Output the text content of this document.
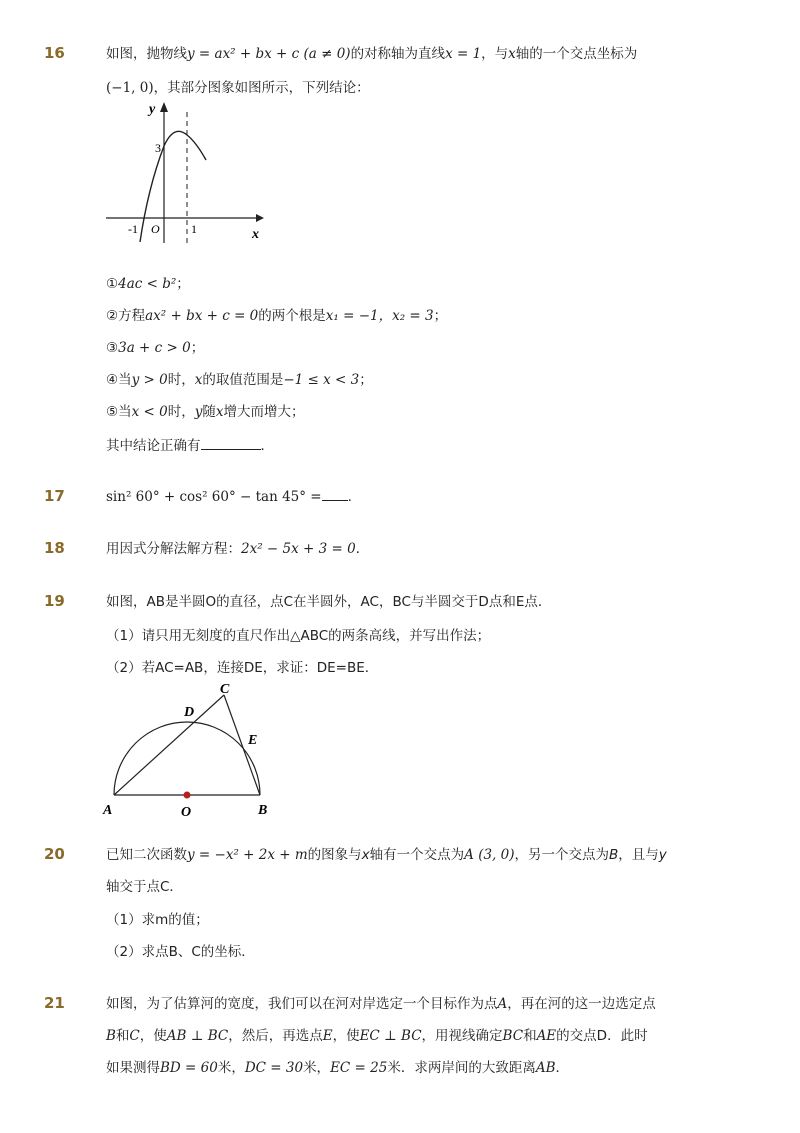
16	如图，抛物线y = ax² + bx + c (a ≠ 0)的对称轴为直线x = 1，与x轴的一个交点坐标为
(−1, 0)，其部分图象如图所示，下列结论：
y
x
O
-1	1
3
①4ac < b²；
②方程ax² + bx + c = 0的两个根是x₁ = −1，x₂ = 3；
③3a + c > 0；
④当y > 0时，x的取值范围是−1 ≤ x < 3；
⑤当x < 0时，y随x增大而增大；
其中结论正确有	．
17	sin² 60° + cos² 60° − tan 45° = .
18	用因式分解法解方程：2x² − 5x + 3 = 0．
19	如图，AB是半圆O的直径，点C在半圆外，AC，BC与半圆交于D点和E点．
（1）请只用无刻度的直尺作出△ABC的两条高线，并写出作法；
（2）若AC=AB，连接DE，求证：DE=BE．
A	B
C
D
E
O
20	已知二次函数y = −x² + 2x + m的图象与x轴有一个交点为A (3, 0)，另一个交点为B，且与y
轴交于点C．
（1）求m的值；
（2）求点B、C的坐标．
21	如图，为了估算河的宽度，我们可以在河对岸选定一个目标作为点A，再在河的这一边选定点
B和C，使AB ⊥ BC，然后，再选点E，使EC ⊥ BC，用视线确定BC和AE的交点D．此时
如果测得BD = 60米，DC = 30米，EC = 25米．求两岸间的大致距离AB．
